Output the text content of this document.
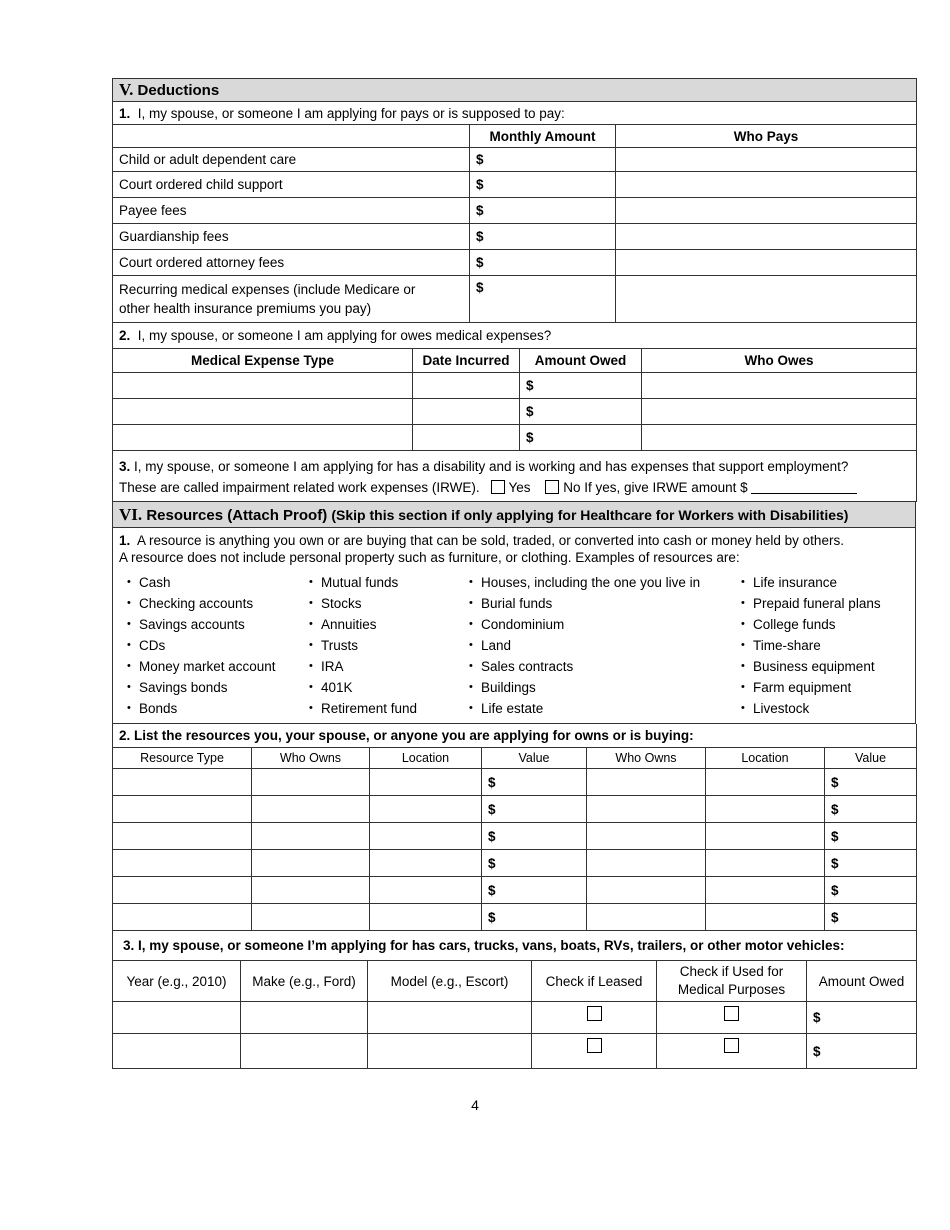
V. Deductions		
1. I, my spouse, or someone I am applying for pays or is supposed to pay:		
	Monthly Amount	Who Pays
Child or adult dependent care	$	
Court ordered child support	$	
Payee fees	$	
Guardianship fees	$	
Court ordered attorney fees	$	
Recurring medical expenses (include Medicare or other health insurance premiums you pay)	$	
2. I, my spouse, or someone I am applying for owes medical expenses?			
Medical Expense Type	Date Incurred	Amount Owed	Who Owes
		$	
		$	
		$	

3. I, my spouse, or someone I am applying for has a disability and is working and has expenses that support employment?
These are called impairment related work expenses (IRWE). Yes No If yes, give IRWE amount $			
VI. Resources (Attach Proof) (Skip this section if only applying for Healthcare for Workers with Disabilities)

1. A resource is anything you own or are buying that can be sold, traded, or converted into cash or money held by others. A resource does not include personal property such as furniture, or clothing. Examples of resources are:
• Cash
• Checking accounts
• Savings accounts
• CDs
• Money market account
• Savings bonds
• Bonds
• Mutual funds
• Stocks
• Annuities
• Trusts
• IRA
• 401K
• Retirement fund
• Houses, including the one you live in
• Burial funds
• Condominium
• Land
• Sales contracts
• Buildings
• Life estate
• Life insurance
• Prepaid funeral plans
• College funds
• Time-share
• Business equipment
• Farm equipment
• Livestock
2. List the resources you, your spouse, or anyone you are applying for owns or is buying:						
Resource Type	Who Owns	Location	Value	Who Owns	Location	Value
			$			$
			$			$
			$			$
			$			$
			$			$
			$			$
3. I, my spouse, or someone I’m applying for has cars, trucks, vans, boats, RVs, trailers, or other motor vehicles:					
Year (e.g., 2010)	Make (e.g., Ford)	Model (e.g., Escort)	Check if Leased	Check if Used for Medical Purposes	Amount Owed
					$
					$
4
